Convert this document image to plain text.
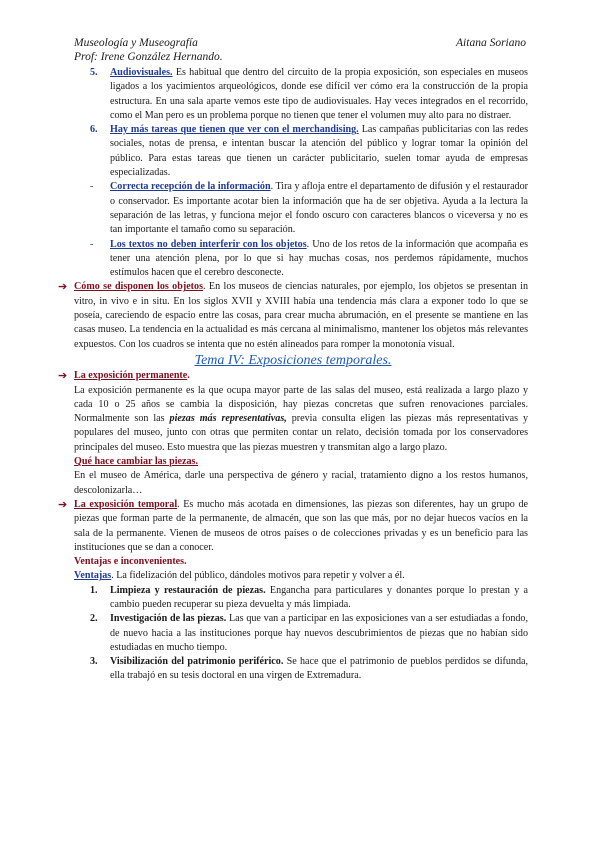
Museología y Museografía	Aitana Soriano
Prof: Irene González Hernando.

5. Audiovisuales. Es habitual que dentro del circuito de la propia exposición, son especiales en museos ligados a los yacimientos arqueológicos, donde ese difícil ver cómo era la construcción de la propia estructura. En una sala aparte vemos este tipo de audiovisuales. Hay veces integrados en el recorrido, como el Man pero es un problema porque no tienen que tener el volumen muy alto para no distraer.

6. Hay más tareas que tienen que ver con el merchandising. Las campañas publicitarias con las redes sociales, notas de prensa, e intentan buscar la atención del público y lograr tomar la opinión del público. Para estas tareas que tienen un carácter publicitario, suelen tomar ayuda de empresas especializadas.

- Correcta recepción de la información. Tira y afloja entre el departamento de difusión y el restaurador o conservador. Es importante acotar bien la información que ha de ser objetiva. Ayuda a la lectura la separación de las letras, y funciona mejor el fondo oscuro con caracteres blancos o viceversa y no es tan importante el tamaño como su separación.

- Los textos no deben interferir con los objetos. Uno de los retos de la información que acompaña es tener una atención plena, por lo que si hay muchas cosas, nos perdemos rápidamente, muchos estímulos hacen que el cerebro desconecte.

➔ Cómo se disponen los objetos. En los museos de ciencias naturales, por ejemplo, los objetos se presentan in vitro, in vivo e in situ. En los siglos XVII y XVIII había una tendencia más clara a exponer todo lo que se poseía, careciendo de espacio entre las cosas, para crear mucha abrumación, en el presente se mantiene en las casas museo. La tendencia en la actualidad es más cercana al minimalismo, mantener los objetos más relevantes expuestos. Con los cuadros se intenta que no estén alineados para romper la monotonía visual.

Tema IV: Exposiciones temporales.

➔ La exposición permanente.

La exposición permanente es la que ocupa mayor parte de las salas del museo, está realizada a largo plazo y cada 10 o 25 años se cambia la disposición, hay piezas concretas que sufren renovaciones parciales. Normalmente son las piezas más representativas, previa consulta eligen las piezas más representativas y populares del museo, junto con otras que permiten contar un relato, decisión tomada por los conservadores principales del museo. Esto muestra que las piezas muestren y transmitan algo a largo plazo.

Qué hace cambiar las piezas.

En el museo de América, darle una perspectiva de género y racial, tratamiento digno a los restos humanos, descolonizarla…

➔ La exposición temporal. Es mucho más acotada en dimensiones, las piezas son diferentes, hay un grupo de piezas que forman parte de la permanente, de almacén, que son las que más, por no dejar huecos vacíos en la sala de la permanente. Vienen de museos de otros países o de colecciones privadas y es un beneficio para las instituciones que se dan a conocer.

Ventajas e inconvenientes.

Ventajas. La fidelización del público, dándoles motivos para repetir y volver a él.

1. Limpieza y restauración de piezas. Engancha para particulares y donantes porque lo prestan y a cambio pueden recuperar su pieza devuelta y más limpiada.

2. Investigación de las piezas. Las que van a participar en las exposiciones van a ser estudiadas a fondo, de nuevo hacia a las instituciones porque hay nuevos descubrimientos de piezas que no habían sido estudiadas en mucho tiempo.

3. Visibilización del patrimonio periférico. Se hace que el patrimonio de pueblos perdidos se difunda, ella trabajó en su tesis doctoral en una virgen de Extremadura.
